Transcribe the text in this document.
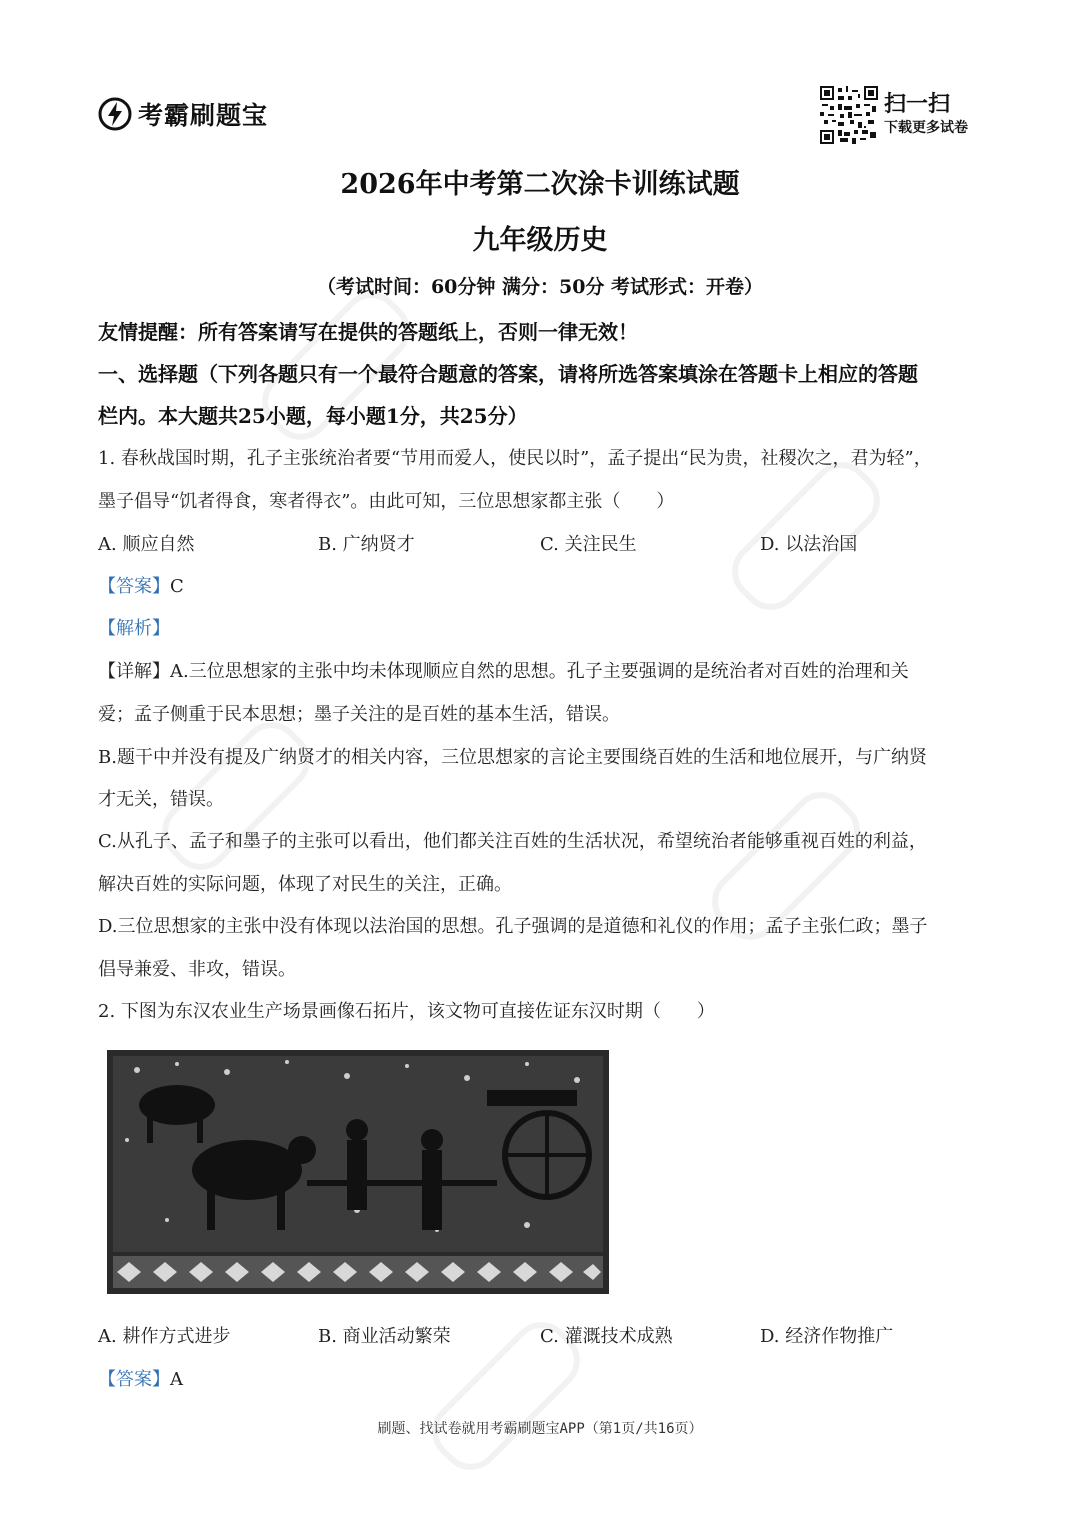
考霸刷题宝	扫一扫
下载更多试卷
2026年中考第二次涂卡训练试题
九年级历史
（考试时间：60分钟 满分：50分 考试形式：开卷）
友情提醒：所有答案请写在提供的答题纸上，否则一律无效！
一、选择题（下列各题只有一个最符合题意的答案，请将所选答案填涂在答题卡上相应的答题
栏内。本大题共25小题，每小题1分，共25分）
1. 春秋战国时期，孔子主张统治者要“节用而爱人，使民以时”，孟子提出“民为贵，社稷次之，君为轻”，
墨子倡导“饥者得食，寒者得衣”。由此可知，三位思想家都主张（　　）
A. 顺应自然	B. 广纳贤才	C. 关注民生	D. 以法治国
【答案】C
【解析】
【详解】A.三位思想家的主张中均未体现顺应自然的思想。孔子主要强调的是统治者对百姓的治理和关
爱；孟子侧重于民本思想；墨子关注的是百姓的基本生活，错误。
B.题干中并没有提及广纳贤才的相关内容，三位思想家的言论主要围绕百姓的生活和地位展开，与广纳贤
才无关，错误。
C.从孔子、孟子和墨子的主张可以看出，他们都关注百姓的生活状况，希望统治者能够重视百姓的利益，
解决百姓的实际问题，体现了对民生的关注，正确。
D.三位思想家的主张中没有体现以法治国的思想。孔子强调的是道德和礼仪的作用；孟子主张仁政；墨子
倡导兼爱、非攻，错误。
2. 下图为东汉农业生产场景画像石拓片，该文物可直接佐证东汉时期（　　）
A. 耕作方式进步	B. 商业活动繁荣	C. 灌溉技术成熟	D. 经济作物推广
【答案】A
刷题、找试卷就用考霸刷题宝APP（第1页/共16页）
